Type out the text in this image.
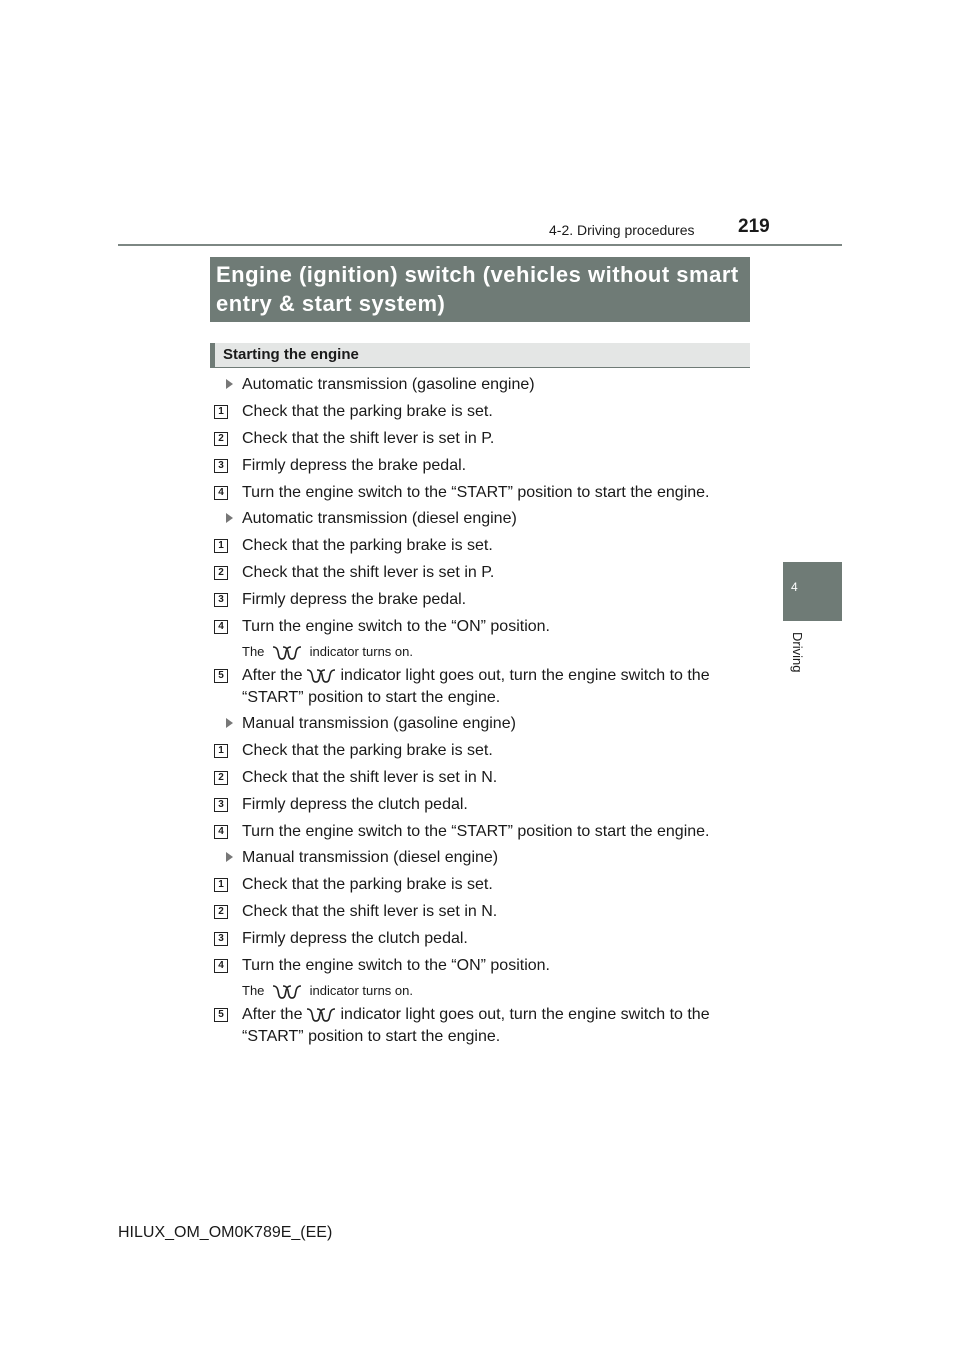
219
4-2. Driving procedures
4
Driving
Engine (ignition) switch (vehicles without smart entry & start system)
Starting the engine
Automatic transmission (gasoline engine)
1 Check that the parking brake is set.
2 Check that the shift lever is set in P.
3 Firmly depress the brake pedal.
4 Turn the engine switch to the “START” position to start the engine.
Automatic transmission (diesel engine)
1 Check that the parking brake is set.
2 Check that the shift lever is set in P.
3 Firmly depress the brake pedal.
4 Turn the engine switch to the “ON” position.
The	indicator turns on.
5 After the indicator light goes out, turn the engine switch to the “START” position to start the engine.
Manual transmission (gasoline engine)
1 Check that the parking brake is set.
2 Check that the shift lever is set in N.
3 Firmly depress the clutch pedal.
4 Turn the engine switch to the “START” position to start the engine.
Manual transmission (diesel engine)
1 Check that the parking brake is set.
2 Check that the shift lever is set in N.
3 Firmly depress the clutch pedal.
4 Turn the engine switch to the “ON” position.
The	indicator turns on.
5 After the indicator light goes out, turn the engine switch to the “START” position to start the engine.
HILUX_OM_OM0K789E_(EE)
